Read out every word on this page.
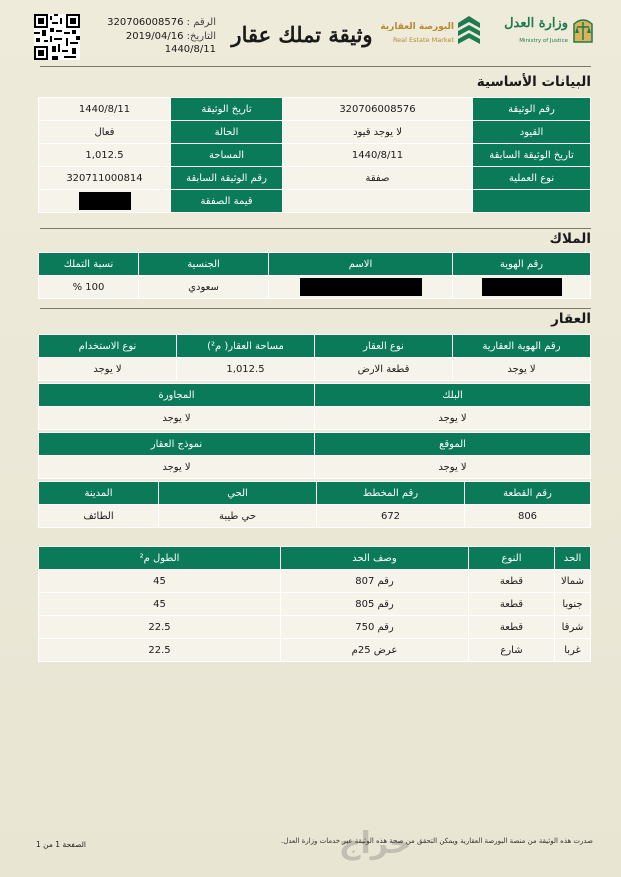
الرقم : 320706008576
التاريخ: 2019/04/16
1440/8/11
وثيقة تملك عقار البورصة العقارية
Real Estate Market
وزارة العدل
Ministry of Justice
البيانات الأساسية
رقم الوثيقة	320706008576	تاريخ الوثيقة	1440/8/11
القيود	لا يوجد قيود	الحالة	فعال
تاريخ الوثيقة السابقة	1440/8/11	المساحة	1,012.5
نوع العملية	صفقة	رقم الوثيقة السابقة	320711000814
		قيمة الصفقة	
الملاك
رقم الهوية	الاسم	الجنسية	نسبة التملك
		سعودي	100 %
العقار
رقم الهوية العقارية	نوع العقار	مساحة العقار( م²)	نوع الاستخدام
لا يوجد	قطعة الارض	1,012.5	لا يوجد
البلك	المجاورة
لا يوجد	لا يوجد
الموقع	نموذج العقار
لا يوجد	لا يوجد
رقم القطعة	رقم المخطط	الحي	المدينة
806	672	حي طيبة	الطائف
الحد	النوع	وصف الحد	الطول م²
شمالا	قطعة	رقم 807	45
جنوبا	قطعة	رقم 805	45
شرقا	قطعة	رقم 750	22.5
غربا	شارع	عرض 25م	22.5
حراج
الصفحة 1 من 1	صدرت هذه الوثيقة من منصة البورصة العقارية ويمكن التحقق من صحة هذه الوثيقة عبر خدمات وزارة العدل.
